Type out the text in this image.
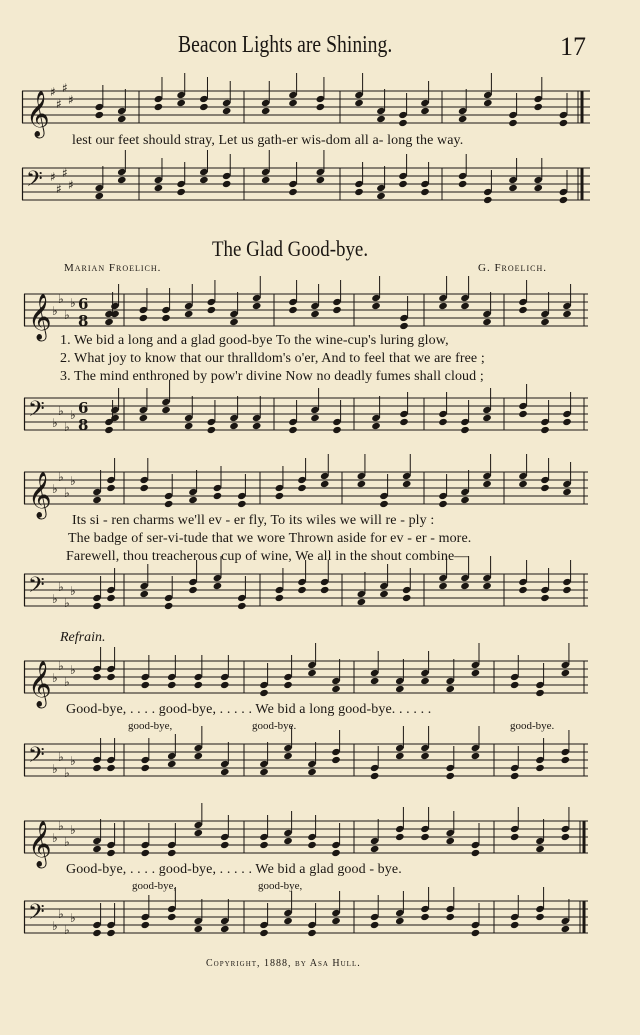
Beacon Lights are Shining.	17
𝄞 ♯
♯
♯
♯
lest our feet should stray, Let us gath-er wis-dom all a- long the way.
𝄢 ♯
♯
♯
♯
The Glad Good-bye.
Marian Froelich.	G. Froelich.
𝄞 ♭
♭
♭
♭ 6
8
1. We bid a long and a glad good-bye To the wine-cup's luring glow,
2. What joy to know that our thralldom's o'er, And to feel that we are free ;
3. The mind enthroned by pow'r divine Now no deadly fumes shall cloud ;
𝄢 ♭
♭
♭
♭ 6
8
𝄞 ♭
♭
♭
♭
Its si - ren charms we'll ev - er fly, To its wiles we will re - ply :
The badge of ser-vi-tude that we wore Thrown aside for ev - er - more.
Farewell, thou treacherous cup of wine, We all in the shout combine—
𝄢 ♭
♭
♭
♭
Refrain.
𝄞 ♭
♭
♭
♭
Good-bye, . . . . good-bye, . . . . . We bid a long good-bye. . . . . .
good-bye,	good-bye.	good-bye.
𝄢 ♭
♭
♭
♭
𝄞 ♭
♭
♭
♭
Good-bye, . . . . good-bye, . . . . . We bid a glad good - bye.
good-bye,	good-bye,
𝄢 ♭
♭
♭
♭
Copyright, 1888, by Asa Hull.
